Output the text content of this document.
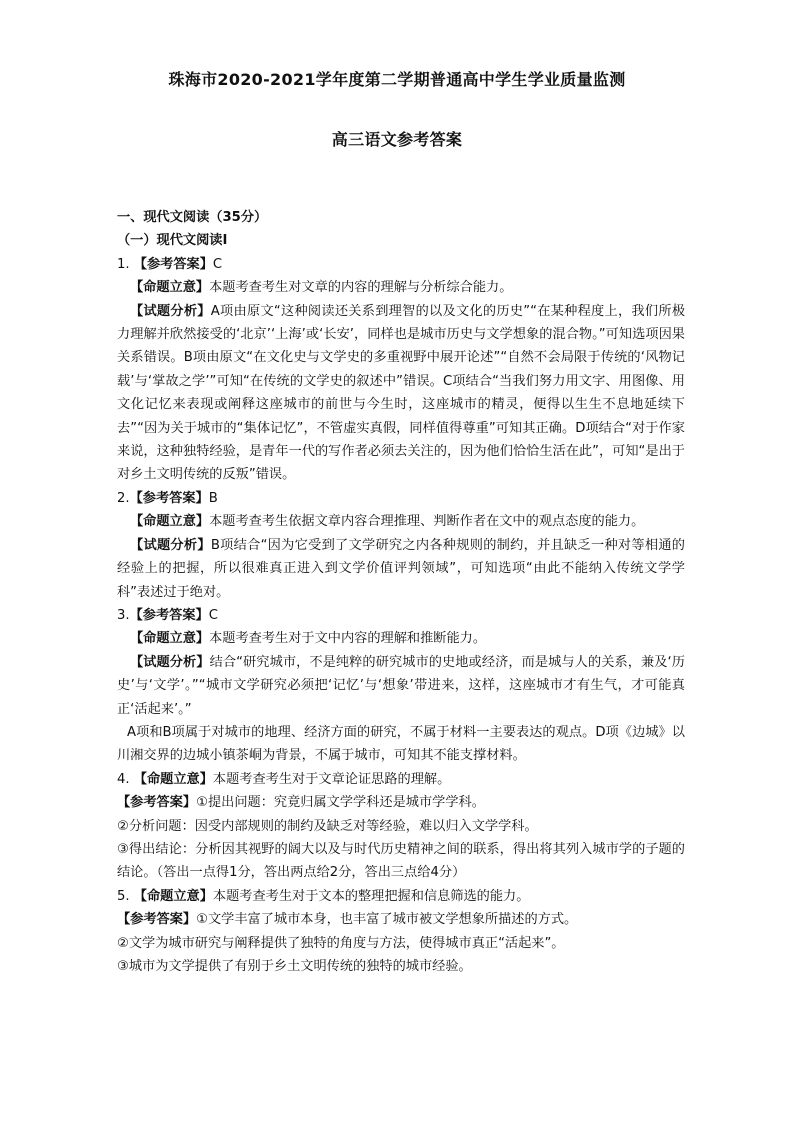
珠海市2020-2021学年度第二学期普通高中学生学业质量监测
高三语文参考答案

一、现代文阅读（35分）

（一）现代文阅读Ⅰ

1. 【参考答案】C

【命题立意】本题考查考生对文章的内容的理解与分析综合能力。

【试题分析】A项由原文“这种阅读还关系到理智的以及文化的历史”“在某种程度上，我们所极力理解并欣然接受的‘北京’‘上海’或‘长安’，同样也是城市历史与文学想象的混合物。”可知选项因果关系错误。B项由原文“在文化史与文学史的多重视野中展开论述”“自然不会局限于传统的‘风物记载’与‘掌故之学’”可知“在传统的文学史的叙述中”错误。C项结合“当我们努力用文字、用图像、用文化记忆来表现或阐释这座城市的前世与今生时，这座城市的精灵，便得以生生不息地延续下去”“因为关于城市的“集体记忆”，不管虚实真假，同样值得尊重”可知其正确。D项结合“对于作家来说，这种独特经验，是青年一代的写作者必须去关注的，因为他们恰恰生活在此”，可知“是出于对乡土文明传统的反叛”错误。

2.【参考答案】B

【命题立意】本题考查考生依据文章内容合理推理、判断作者在文中的观点态度的能力。

【试题分析】B项结合“因为它受到了文学研究之内各种规则的制约，并且缺乏一种对等相通的经验上的把握，所以很难真正进入到文学价值评判领域”，可知选项“由此不能纳入传统文学学科”表述过于绝对。

3.【参考答案】C

【命题立意】本题考查考生对于文中内容的理解和推断能力。

【试题分析】结合“研究城市，不是纯粹的研究城市的史地或经济，而是城与人的关系，兼及‘历史’与‘文学’。”“城市文学研究必须把‘记忆’与‘想象’带进来，这样，这座城市才有生气，才可能真正‘活起来’。”

A项和B项属于对城市的地理、经济方面的研究，不属于材料一主要表达的观点。D项《边城》以川湘交界的边城小镇茶峒为背景，不属于城市，可知其不能支撑材料。

4. 【命题立意】本题考查考生对于文章论证思路的理解。

【参考答案】①提出问题：究竟归属文学学科还是城市学学科。

②分析问题：因受内部规则的制约及缺乏对等经验，难以归入文学学科。

③得出结论：分析因其视野的阔大以及与时代历史精神之间的联系，得出将其列入城市学的子题的结论。（答出一点得1分，答出两点给2分，答出三点给4分）

5. 【命题立意】本题考查考生对于文本的整理把握和信息筛选的能力。

【参考答案】①文学丰富了城市本身，也丰富了城市被文学想象所描述的方式。

②文学为城市研究与阐释提供了独特的角度与方法，使得城市真正“活起来”。

③城市为文学提供了有别于乡土文明传统的独特的城市经验。
